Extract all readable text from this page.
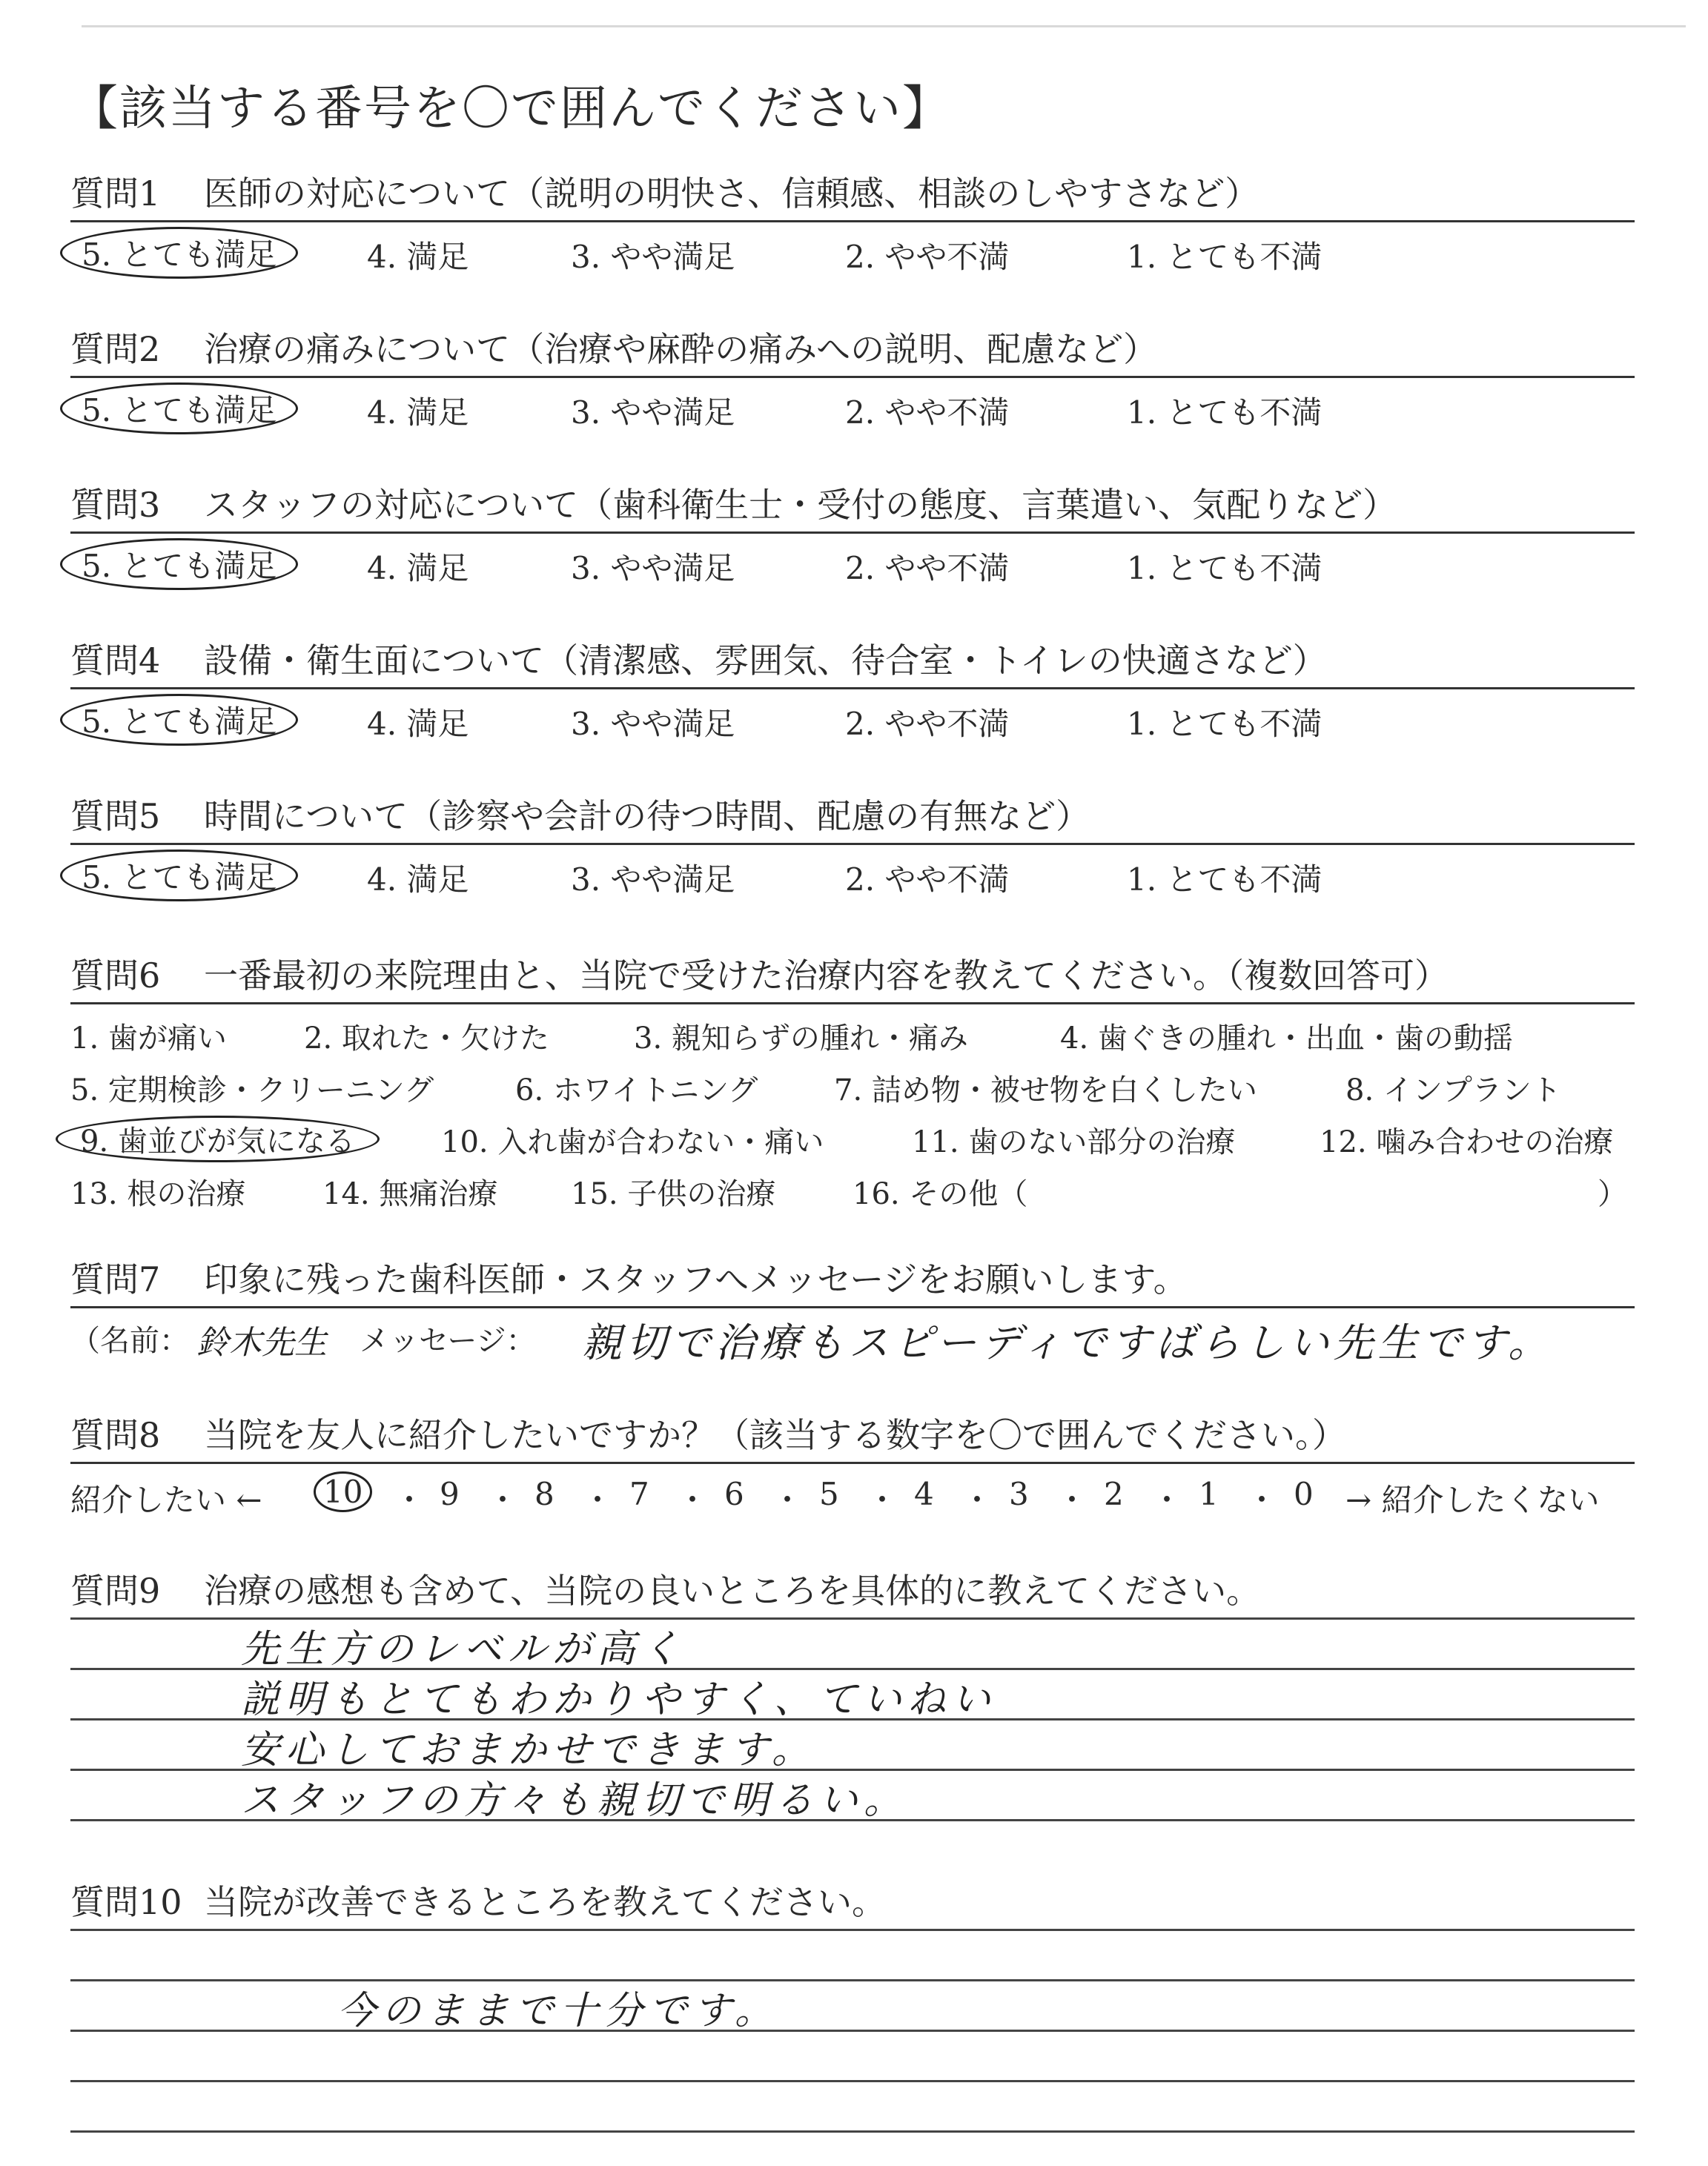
【該当する番号を〇で囲んでください】
質問1 医師の対応について（説明の明快さ、信頼感、相談のしやすさなど）
5. とても満足	4. 満足	3. やや満足	2. やや不満	1. とても不満
質問2 治療の痛みについて（治療や麻酔の痛みへの説明、配慮など）
5. とても満足	4. 満足	3. やや満足	2. やや不満	1. とても不満
質問3 スタッフの対応について（歯科衛生士・受付の態度、言葉遣い、気配りなど）
5. とても満足	4. 満足	3. やや満足	2. やや不満	1. とても不満
質問4 設備・衛生面について（清潔感、雰囲気、待合室・トイレの快適さなど）
5. とても満足	4. 満足	3. やや満足	2. やや不満	1. とても不満
質問5 時間について（診察や会計の待つ時間、配慮の有無など）
5. とても満足	4. 満足	3. やや満足	2. やや不満	1. とても不満
質問6 一番最初の来院理由と、当院で受けた治療内容を教えてください。（複数回答可）
1. 歯が痛い	2. 取れた・欠けた	3. 親知らずの腫れ・痛み	4. 歯ぐきの腫れ・出血・歯の動揺
5. 定期検診・クリーニング	6. ホワイトニング	7. 詰め物・被せ物を白くしたい	8. インプラント
9. 歯並びが気になる	10. 入れ歯が合わない・痛い	11. 歯のない部分の治療	12. 噛み合わせの治療
13. 根の治療	14. 無痛治療 15. 子供の治療	16. その他（	）
質問7 印象に残った歯科医師・スタッフへメッセージをお願いします。
（名前： 鈴木先生 メッセージ： 親切で治療もスピーディですばらしい先生です。
質問8 当院を友人に紹介したいですか？（該当する数字を〇で囲んでください。）
紹介したい ←	10 ・ 9 ・ 8 ・ 7 ・ 6 ・ 5 ・ 4 ・ 3 ・ 2 ・ 1 ・ 0 → 紹介したくない
質問9 治療の感想も含めて、当院の良いところを具体的に教えてください。
先生方のレベルが高く
説明もとてもわかりやすく、ていねい
安心しておまかせできます。
スタッフの方々も親切で明るい。
質問10 当院が改善できるところを教えてください。
今のままで十分です。
